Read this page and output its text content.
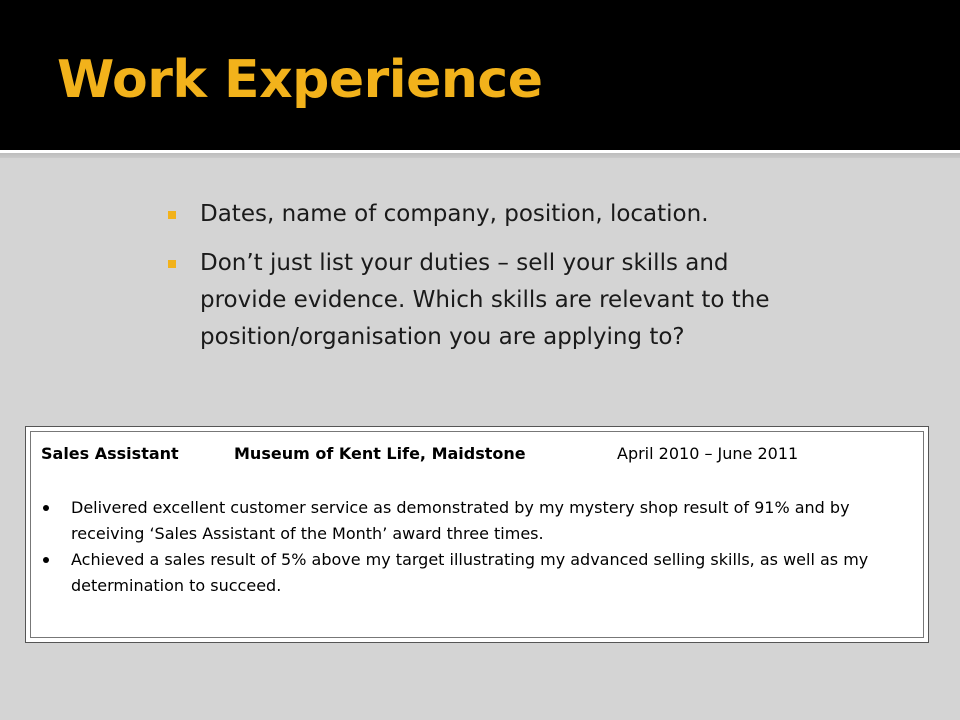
Work Experience
Dates, name of company, position, location.
Don’t just list your duties – sell your skills and provide evidence. Which skills are relevant to the position/organisation you are applying to?
Sales Assistant	Museum of Kent Life, Maidstone	April 2010 – June 2011
Delivered excellent customer service as demonstrated by my mystery shop result of 91% and by receiving ‘Sales Assistant of the Month’ award three times.
Achieved a sales result of 5% above my target illustrating my advanced selling skills, as well as my determination to succeed.
